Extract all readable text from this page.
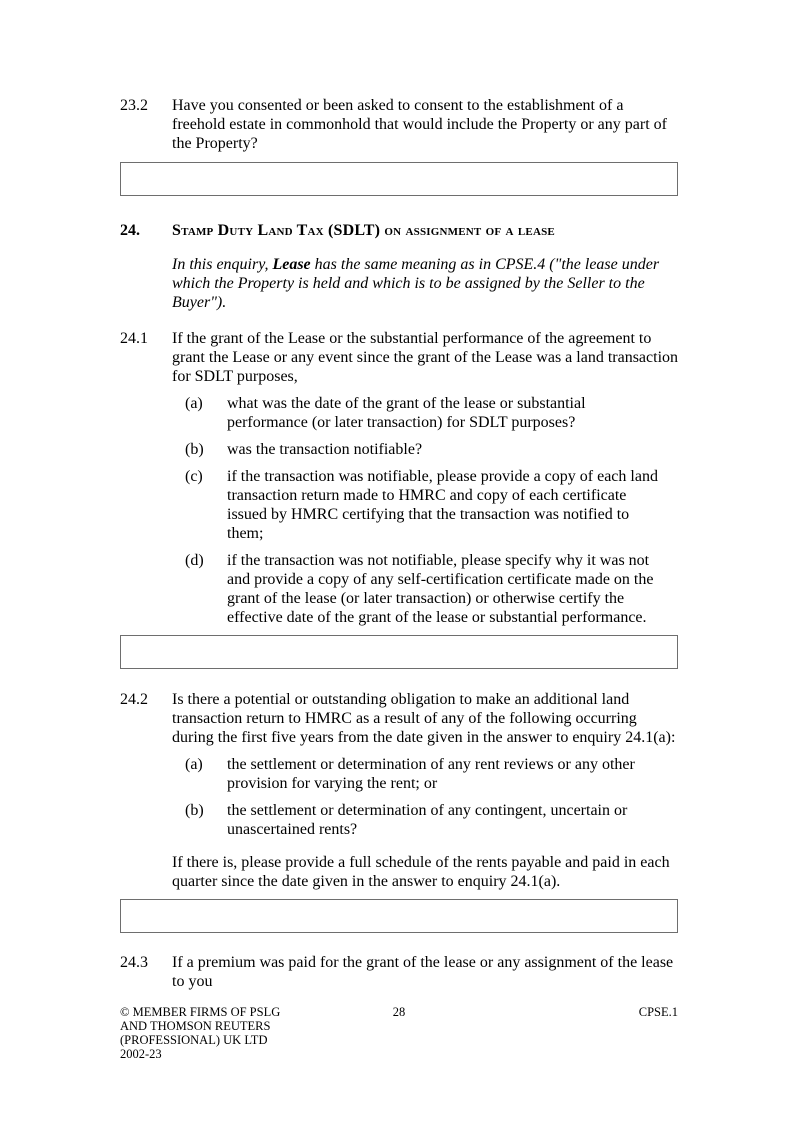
23.2	Have you consented or been asked to consent to the establishment of a freehold estate in commonhold that would include the Property or any part of the Property?
24.	Stamp Duty Land Tax (SDLT) on assignment of a lease

In this enquiry, Lease has the same meaning as in CPSE.4 ("the lease under which the Property is held and which is to be assigned by the Seller to the Buyer").

24.1	If the grant of the Lease or the substantial performance of the agreement to grant the Lease or any event since the grant of the Lease was a land transaction for SDLT purposes,
(a)	what was the date of the grant of the lease or substantial performance (or later transaction) for SDLT purposes?
(b)	was the transaction notifiable?
(c)	if the transaction was notifiable, please provide a copy of each land transaction return made to HMRC and copy of each certificate issued by HMRC certifying that the transaction was notified to them;
(d)	if the transaction was not notifiable, please specify why it was not and provide a copy of any self-certification certificate made on the grant of the lease (or later transaction) or otherwise certify the effective date of the grant of the lease or substantial performance.
24.2	Is there a potential or outstanding obligation to make an additional land transaction return to HMRC as a result of any of the following occurring during the first five years from the date given in the answer to enquiry 24.1(a):
(a)	the settlement or determination of any rent reviews or any other provision for varying the rent; or
(b)	the settlement or determination of any contingent, uncertain or unascertained rents?

If there is, please provide a full schedule of the rents payable and paid in each quarter since the date given in the answer to enquiry 24.1(a).

24.3	If a premium was paid for the grant of the lease or any assignment of the lease to you
© MEMBER FIRMS OF PSLG
AND THOMSON REUTERS
(PROFESSIONAL) UK LTD
2002-23
28	CPSE.1
